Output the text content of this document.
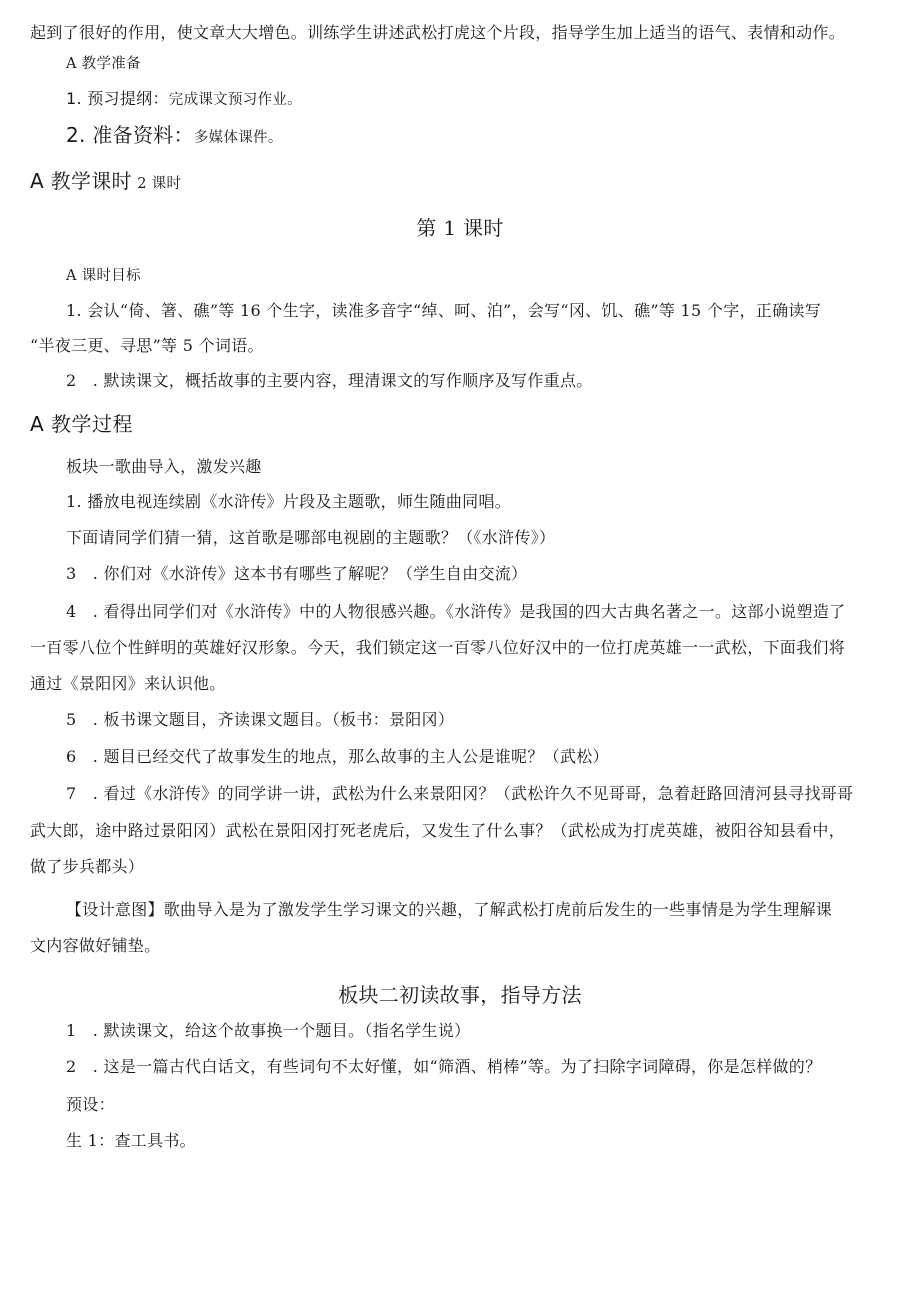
起到了很好的作用，使文章大大增色。训练学生讲述武松打虎这个片段，指导学生加上适当的语气、表情和动作。
A 教学准备
1. 预习提纲：完成课文预习作业。
2. 准备资料：多媒体课件。
A 教学课时 2 课时
第 1 课时
A 课时目标
1. 会认“倚、箸、礁”等 16 个生字，读准多音字“绰、呵、泊”，会写“冈、饥、礁”等 15 个字，正确读写
“半夜三更、寻思”等 5 个词语。
2　. 默读课文，概括故事的主要内容，理清课文的写作顺序及写作重点。
A 教学过程
板块一歌曲导入，激发兴趣
1. 播放电视连续剧《水浒传》片段及主题歌，师生随曲同唱。
下面请同学们猜一猜，这首歌是哪部电视剧的主题歌？（《水浒传》）
3　. 你们对《水浒传》这本书有哪些了解呢？（学生自由交流）
4　. 看得出同学们对《水浒传》中的人物很感兴趣。《水浒传》是我国的四大古典名著之一。这部小说塑造了
一百零八位个性鲜明的英雄好汉形象。今天，我们锁定这一百零八位好汉中的一位打虎英雄一一武松，下面我们将
通过《景阳冈》来认识他。
5　. 板书课文题目，齐读课文题目。（板书：景阳冈）
6　. 题目已经交代了故事发生的地点，那么故事的主人公是谁呢？（武松）
7　. 看过《水浒传》的同学讲一讲，武松为什么来景阳冈？（武松许久不见哥哥，急着赶路回清河县寻找哥哥
武大郎，途中路过景阳冈）武松在景阳冈打死老虎后，又发生了什么事？（武松成为打虎英雄，被阳谷知县看中，
做了步兵都头）
【设计意图】歌曲导入是为了激发学生学习课文的兴趣，了解武松打虎前后发生的一些事情是为学生理解课
文内容做好铺垫。
板块二初读故事，指导方法
1　. 默读课文，给这个故事换一个题目。（指名学生说）
2　. 这是一篇古代白话文，有些词句不太好懂，如“筛酒、梢棒”等。为了扫除字词障碍，你是怎样做的？
预设：
生 1：查工具书。
